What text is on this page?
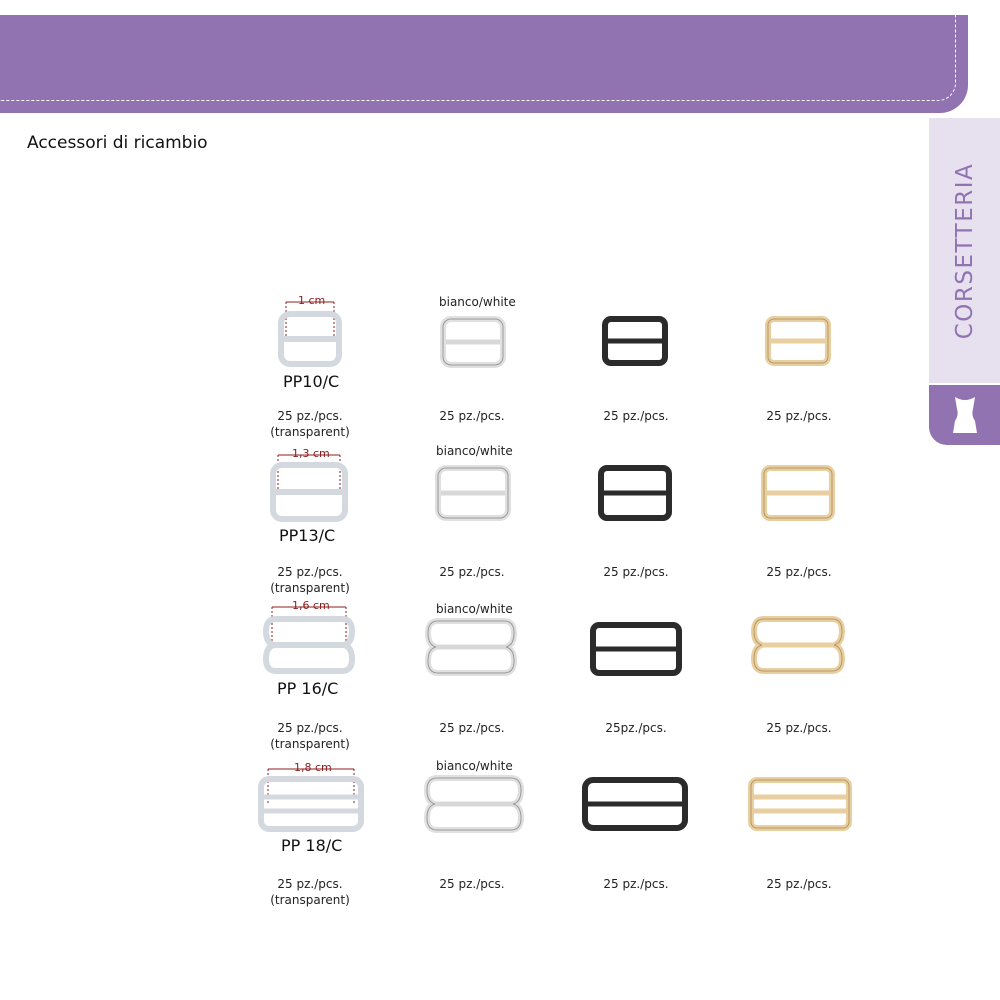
Accessori di ricambio
CORSETTERIA
1 cm
PP10/C
25 pz./pcs.
(transparent)
bianco/white
25 pz./pcs.	25 pz./pcs.	25 pz./pcs.
1,3 cm
PP13/C
25 pz./pcs.
(transparent)
bianco/white
25 pz./pcs.	25 pz./pcs.	25 pz./pcs.
1,6 cm
PP 16/C
25 pz./pcs.
(transparent)
bianco/white
25 pz./pcs.	25pz./pcs.	25 pz./pcs.
1,8 cm
PP 18/C
25 pz./pcs.
(transparent)
bianco/white
25 pz./pcs.	25 pz./pcs.	25 pz./pcs.
